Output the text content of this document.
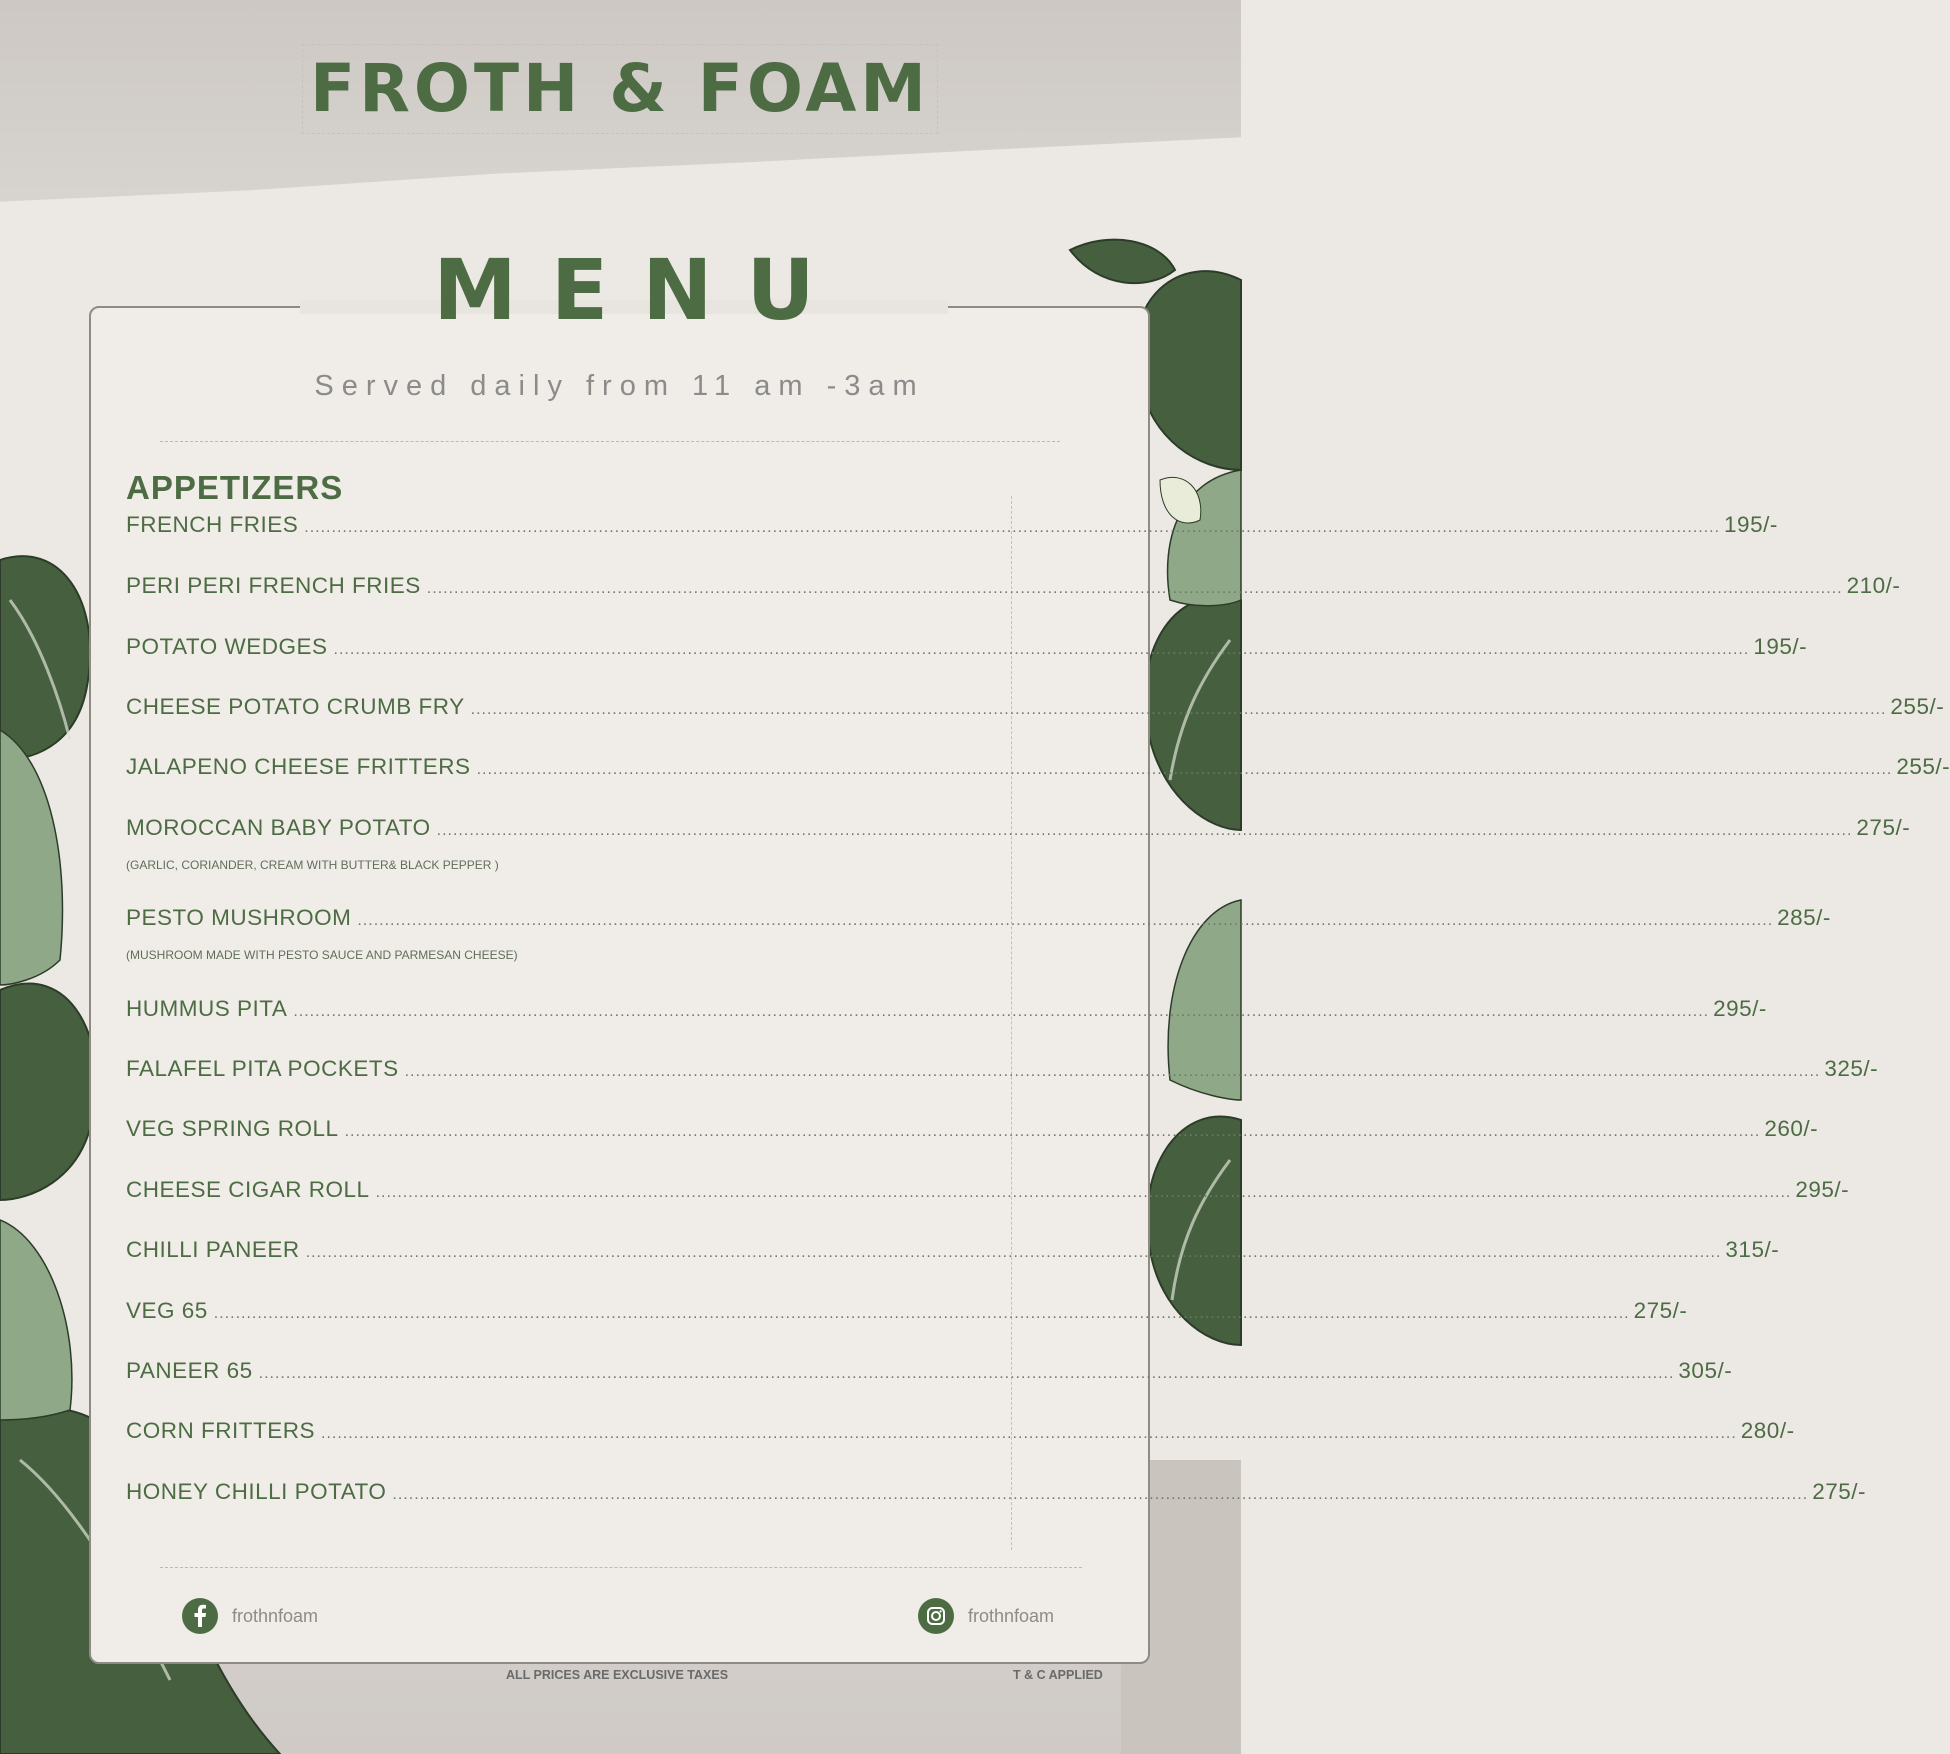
FROTH & FOAM
MENU
Served daily from 11 am -3am
APPETIZERS
FRENCH FRIES .................................................................................................................................................................................................................................................................... 195/-
PERI PERI FRENCH FRIES .................................................................................................................................................................................................................................................................... 210/-
POTATO WEDGES .................................................................................................................................................................................................................................................................... 195/-
CHEESE POTATO CRUMB FRY .................................................................................................................................................................................................................................................................... 255/-
JALAPENO CHEESE FRITTERS .................................................................................................................................................................................................................................................................... 255/-
MOROCCAN BABY POTATO .................................................................................................................................................................................................................................................................... 275/-
(GARLIC, CORIANDER, CREAM WITH BUTTER& BLACK PEPPER )
PESTO MUSHROOM .................................................................................................................................................................................................................................................................... 285/-
(MUSHROOM MADE WITH PESTO SAUCE AND PARMESAN CHEESE)
HUMMUS PITA .................................................................................................................................................................................................................................................................... 295/-
FALAFEL PITA POCKETS .................................................................................................................................................................................................................................................................... 325/-
VEG SPRING ROLL .................................................................................................................................................................................................................................................................... 260/-
CHEESE CIGAR ROLL .................................................................................................................................................................................................................................................................... 295/-
CHILLI PANEER .................................................................................................................................................................................................................................................................... 315/-
VEG 65 .................................................................................................................................................................................................................................................................... 275/-
PANEER 65 .................................................................................................................................................................................................................................................................... 305/-
CORN FRITTERS .................................................................................................................................................................................................................................................................... 280/-
HONEY CHILLI POTATO .................................................................................................................................................................................................................................................................... 275/-
frothnfoam	frothnfoam
ALL PRICES ARE EXCLUSIVE TAXES	T & C APPLIED
